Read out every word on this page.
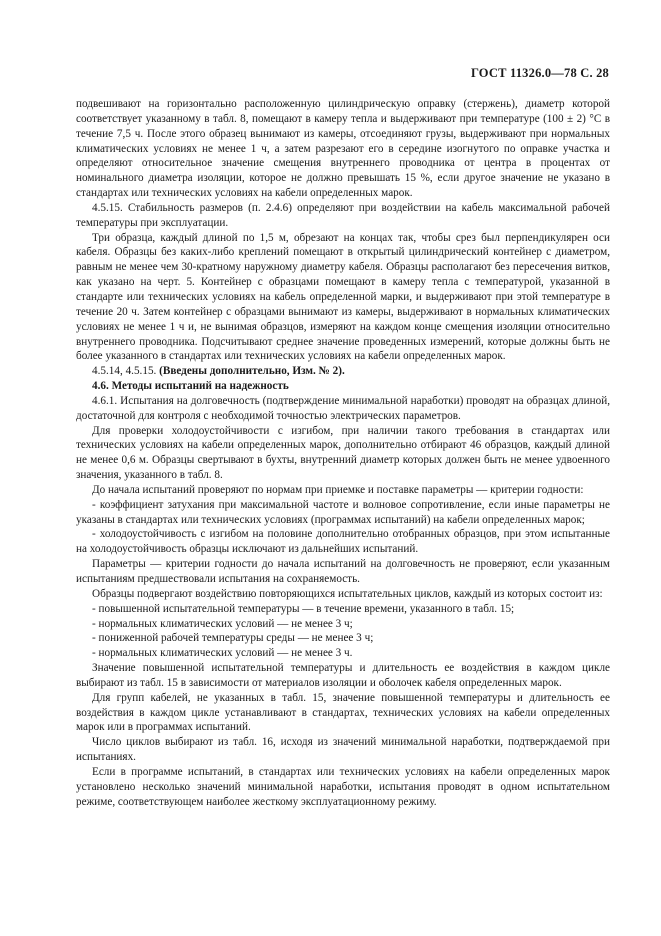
ГОСТ 11326.0—78 С. 28

подвешивают на горизонтально расположенную цилиндрическую оправку (стержень), диаметр которой соответствует указанному в табл. 8, помещают в камеру тепла и выдерживают при температуре (100 ± 2) °С в течение 7,5 ч. После этого образец вынимают из камеры, отсоединяют грузы, выдерживают при нормальных климатических условиях не менее 1 ч, а затем разрезают его в середине изогнутого по оправке участка и определяют относительное значение смещения внутреннего проводника от центра в процентах от номинального диаметра изоляции, которое не должно превышать 15 %, если другое значение не указано в стандартах или технических условиях на кабели определенных марок.

4.5.15. Стабильность размеров (п. 2.4.6) определяют при воздействии на кабель максимальной рабочей температуры при эксплуатации.

Три образца, каждый длиной по 1,5 м, обрезают на концах так, чтобы срез был перпендикулярен оси кабеля. Образцы без каких-либо креплений помещают в открытый цилиндрический контейнер с диаметром, равным не менее чем 30-кратному наружному диаметру кабеля. Образцы располагают без пересечения витков, как указано на черт. 5. Контейнер с образцами помещают в камеру тепла с температурой, указанной в стандарте или технических условиях на кабель определенной марки, и выдерживают при этой температуре в течение 20 ч. Затем контейнер с образцами вынимают из камеры, выдерживают в нормальных климатических условиях не менее 1 ч и, не вынимая образцов, измеряют на каждом конце смещения изоляции относительно внутреннего проводника. Подсчитывают среднее значение проведенных измерений, которые должны быть не более указанного в стандартах или технических условиях на кабели определенных марок.

4.5.14, 4.5.15. (Введены дополнительно, Изм. № 2).

4.6. Методы испытаний на надежность

4.6.1. Испытания на долговечность (подтверждение минимальной наработки) проводят на образцах длиной, достаточной для контроля с необходимой точностью электрических параметров.

Для проверки холодоустойчивости с изгибом, при наличии такого требования в стандартах или технических условиях на кабели определенных марок, дополнительно отбирают 46 образцов, каждый длиной не менее 0,6 м. Образцы свертывают в бухты, внутренний диаметр которых должен быть не менее удвоенного значения, указанного в табл. 8.

До начала испытаний проверяют по нормам при приемке и поставке параметры — критерии годности:

- коэффициент затухания при максимальной частоте и волновое сопротивление, если иные параметры не указаны в стандартах или технических условиях (программах испытаний) на кабели определенных марок;

- холодоустойчивость с изгибом на половине дополнительно отобранных образцов, при этом испытанные на холодоустойчивость образцы исключают из дальнейших испытаний.

Параметры — критерии годности до начала испытаний на долговечность не проверяют, если указанным испытаниям предшествовали испытания на сохраняемость.

Образцы подвергают воздействию повторяющихся испытательных циклов, каждый из которых состоит из:

- повышенной испытательной температуры — в течение времени, указанного в табл. 15;

- нормальных климатических условий — не менее 3 ч;

- пониженной рабочей температуры среды — не менее 3 ч;

- нормальных климатических условий — не менее 3 ч.

Значение повышенной испытательной температуры и длительность ее воздействия в каждом цикле выбирают из табл. 15 в зависимости от материалов изоляции и оболочек кабеля определенных марок.

Для групп кабелей, не указанных в табл. 15, значение повышенной температуры и длительность ее воздействия в каждом цикле устанавливают в стандартах, технических условиях на кабели определенных марок или в программах испытаний.

Число циклов выбирают из табл. 16, исходя из значений минимальной наработки, подтверждаемой при испытаниях.

Если в программе испытаний, в стандартах или технических условиях на кабели определенных марок установлено несколько значений минимальной наработки, испытания проводят в одном испытательном режиме, соответствующем наиболее жесткому эксплуатационному режиму.
